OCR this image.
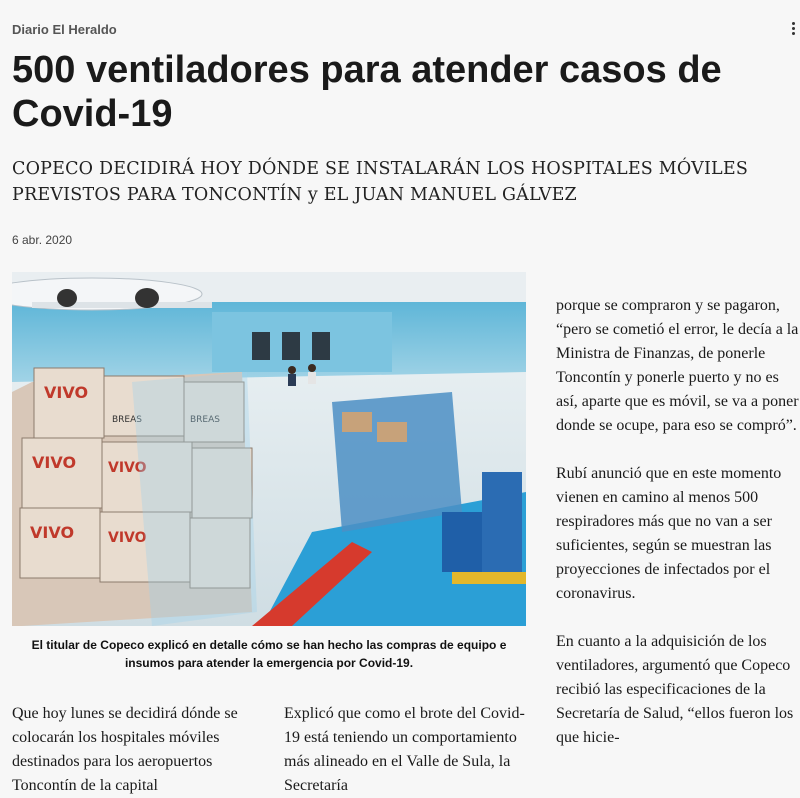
Diario El Heraldo
500 ventiladores para atender casos de Covid-19

COPECO DECIDIRÁ HOY DÓNDE SE INSTALARÁN LOS HOSPITALES MÓVILES PREVISTOS PARA TONCONTÍN y EL JUAN MANUEL GÁLVEZ

6 abr. 2020
VIVO
VIVO VIVO
VIVO VIVO
BREAS	BREAS
El titular de Copeco explicó en detalle cómo se han hecho las compras de equipo e insumos para atender la emergencia por Covid-19.

Que hoy lunes se decidirá dónde se colocarán los hospitales móviles destinados para los aeropuertos Toncontín de la capital

Explicó que como el brote del Covid-19 está teniendo un comportamiento más alineado en el Valle de Sula, la Secretaría

porque se compraron y se pagaron, “pero se cometió el error, le decía a la Ministra de Finanzas, de ponerle Toncontín y ponerle puerto y no es así, aparte que es móvil, se va a poner donde se ocupe, para eso se compró”.

Rubí anunció que en este momento vienen en camino al menos 500 respiradores más que no van a ser suficientes, según se muestran las proyecciones de infectados por el coronavirus.

En cuanto a la adquisición de los ventiladores, argumentó que Copeco recibió las especificaciones de la Secretaría de Salud, “ellos fueron los que hicie-
